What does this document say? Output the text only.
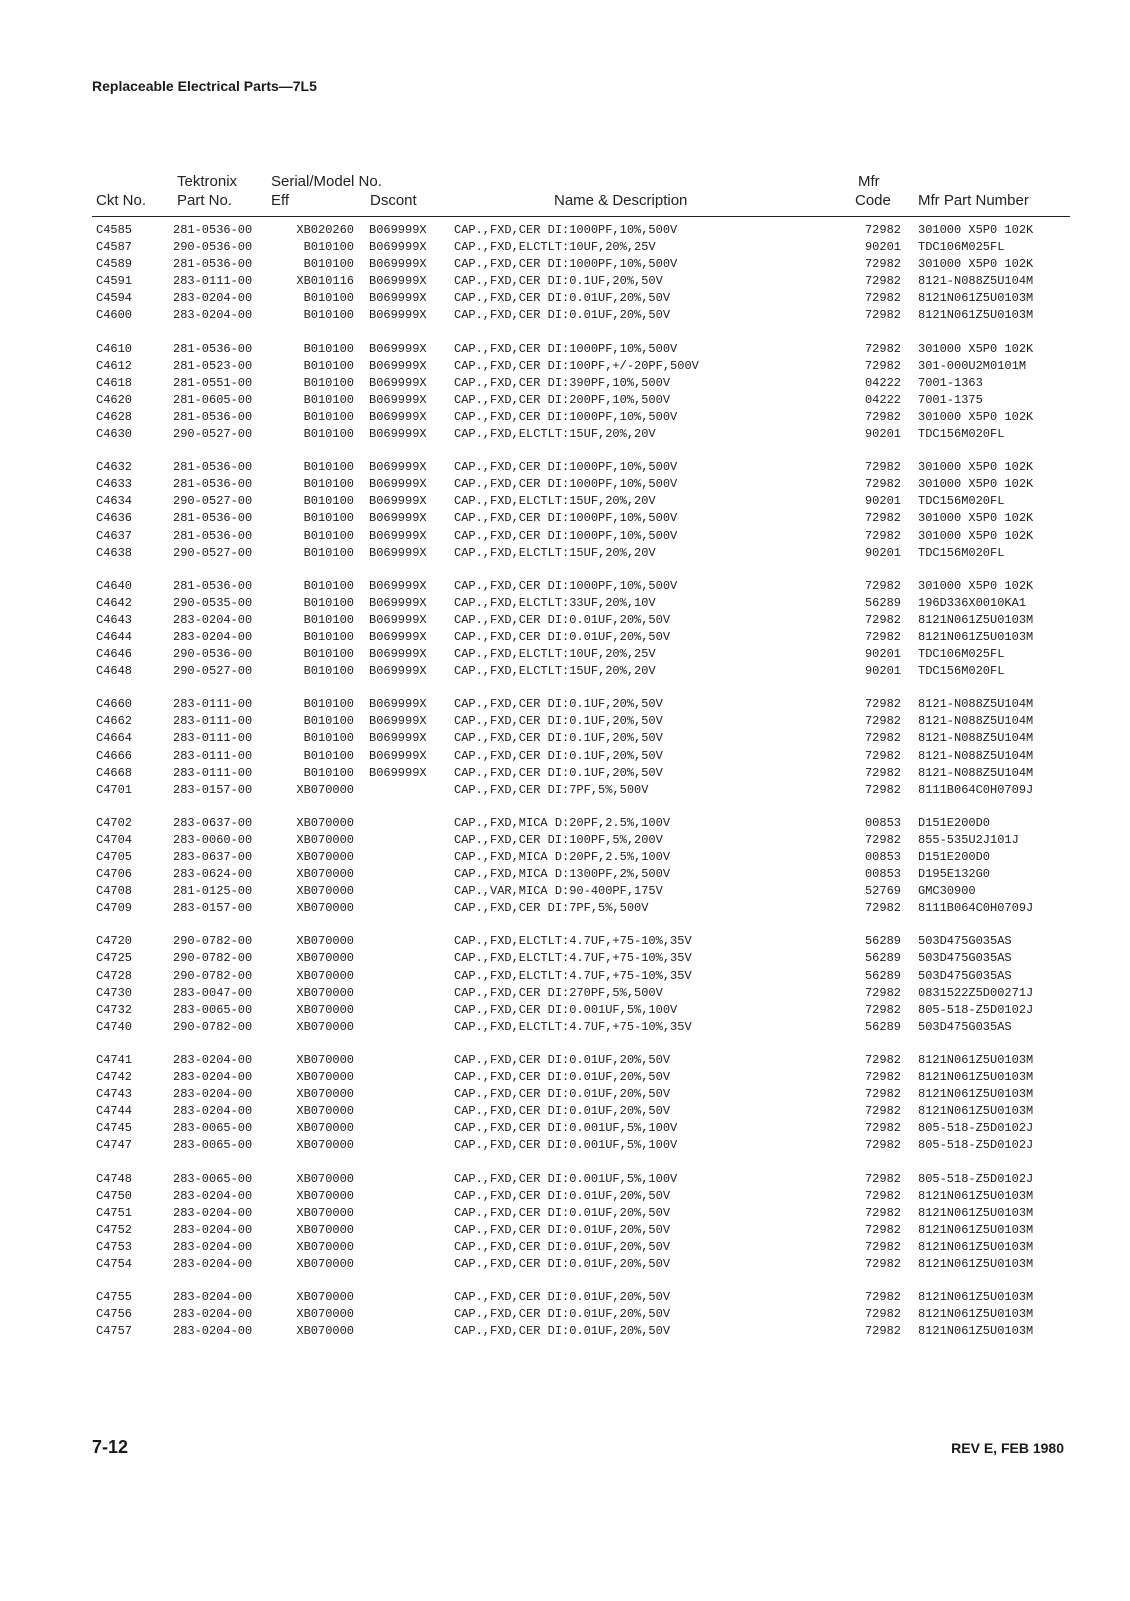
Replaceable Electrical Parts—7L5
Tektronix Serial/Model No.	Mfr
Ckt No. Part No.	Eff	Dscont	Name & Description	Code Mfr Part Number
C4585	281-0536-00	XB020260 B069999X CAP.,FXD,CER DI:1000PF,10%,500V	72982 301000 X5P0 102K
C4587	290-0536-00	B010100 B069999X CAP.,FXD,ELCTLT:10UF,20%,25V	90201 TDC106M025FL
C4589	281-0536-00	B010100 B069999X CAP.,FXD,CER DI:1000PF,10%,500V	72982 301000 X5P0 102K
C4591	283-0111-00	XB010116 B069999X CAP.,FXD,CER DI:0.1UF,20%,50V	72982 8121-N088Z5U104M
C4594	283-0204-00	B010100 B069999X CAP.,FXD,CER DI:0.01UF,20%,50V	72982 8121N061Z5U0103M
C4600	283-0204-00	B010100 B069999X CAP.,FXD,CER DI:0.01UF,20%,50V	72982 8121N061Z5U0103M
C4610	281-0536-00	B010100 B069999X CAP.,FXD,CER DI:1000PF,10%,500V	72982 301000 X5P0 102K
C4612	281-0523-00	B010100 B069999X CAP.,FXD,CER DI:100PF,+/-20PF,500V	72982 301-000U2M0101M
C4618	281-0551-00	B010100 B069999X CAP.,FXD,CER DI:390PF,10%,500V	04222 7001-1363
C4620	281-0605-00	B010100 B069999X CAP.,FXD,CER DI:200PF,10%,500V	04222 7001-1375
C4628	281-0536-00	B010100 B069999X CAP.,FXD,CER DI:1000PF,10%,500V	72982 301000 X5P0 102K
C4630	290-0527-00	B010100 B069999X CAP.,FXD,ELCTLT:15UF,20%,20V	90201 TDC156M020FL
C4632	281-0536-00	B010100 B069999X CAP.,FXD,CER DI:1000PF,10%,500V	72982 301000 X5P0 102K
C4633	281-0536-00	B010100 B069999X CAP.,FXD,CER DI:1000PF,10%,500V	72982 301000 X5P0 102K
C4634	290-0527-00	B010100 B069999X CAP.,FXD,ELCTLT:15UF,20%,20V	90201 TDC156M020FL
C4636	281-0536-00	B010100 B069999X CAP.,FXD,CER DI:1000PF,10%,500V	72982 301000 X5P0 102K
C4637	281-0536-00	B010100 B069999X CAP.,FXD,CER DI:1000PF,10%,500V	72982 301000 X5P0 102K
C4638	290-0527-00	B010100 B069999X CAP.,FXD,ELCTLT:15UF,20%,20V	90201 TDC156M020FL
C4640	281-0536-00	B010100 B069999X CAP.,FXD,CER DI:1000PF,10%,500V	72982 301000 X5P0 102K
C4642	290-0535-00	B010100 B069999X CAP.,FXD,ELCTLT:33UF,20%,10V	56289 196D336X0010KA1
C4643	283-0204-00	B010100 B069999X CAP.,FXD,CER DI:0.01UF,20%,50V	72982 8121N061Z5U0103M
C4644	283-0204-00	B010100 B069999X CAP.,FXD,CER DI:0.01UF,20%,50V	72982 8121N061Z5U0103M
C4646	290-0536-00	B010100 B069999X CAP.,FXD,ELCTLT:10UF,20%,25V	90201 TDC106M025FL
C4648	290-0527-00	B010100 B069999X CAP.,FXD,ELCTLT:15UF,20%,20V	90201 TDC156M020FL
C4660	283-0111-00	B010100 B069999X CAP.,FXD,CER DI:0.1UF,20%,50V	72982 8121-N088Z5U104M
C4662	283-0111-00	B010100 B069999X CAP.,FXD,CER DI:0.1UF,20%,50V	72982 8121-N088Z5U104M
C4664	283-0111-00	B010100 B069999X CAP.,FXD,CER DI:0.1UF,20%,50V	72982 8121-N088Z5U104M
C4666	283-0111-00	B010100 B069999X CAP.,FXD,CER DI:0.1UF,20%,50V	72982 8121-N088Z5U104M
C4668	283-0111-00	B010100 B069999X CAP.,FXD,CER DI:0.1UF,20%,50V	72982 8121-N088Z5U104M
C4701	283-0157-00	XB070000	CAP.,FXD,CER DI:7PF,5%,500V	72982 8111B064C0H0709J
C4702	283-0637-00	XB070000	CAP.,FXD,MICA D:20PF,2.5%,100V	00853 D151E200D0
C4704	283-0060-00	XB070000	CAP.,FXD,CER DI:100PF,5%,200V	72982 855-535U2J101J
C4705	283-0637-00	XB070000	CAP.,FXD,MICA D:20PF,2.5%,100V	00853 D151E200D0
C4706	283-0624-00	XB070000	CAP.,FXD,MICA D:1300PF,2%,500V	00853 D195E132G0
C4708	281-0125-00	XB070000	CAP.,VAR,MICA D:90-400PF,175V	52769 GMC30900
C4709	283-0157-00	XB070000	CAP.,FXD,CER DI:7PF,5%,500V	72982 8111B064C0H0709J
C4720	290-0782-00	XB070000	CAP.,FXD,ELCTLT:4.7UF,+75-10%,35V	56289 503D475G035AS
C4725	290-0782-00	XB070000	CAP.,FXD,ELCTLT:4.7UF,+75-10%,35V	56289 503D475G035AS
C4728	290-0782-00	XB070000	CAP.,FXD,ELCTLT:4.7UF,+75-10%,35V	56289 503D475G035AS
C4730	283-0047-00	XB070000	CAP.,FXD,CER DI:270PF,5%,500V	72982 0831522Z5D00271J
C4732	283-0065-00	XB070000	CAP.,FXD,CER DI:0.001UF,5%,100V	72982 805-518-Z5D0102J
C4740	290-0782-00	XB070000	CAP.,FXD,ELCTLT:4.7UF,+75-10%,35V	56289 503D475G035AS
C4741	283-0204-00	XB070000	CAP.,FXD,CER DI:0.01UF,20%,50V	72982 8121N061Z5U0103M
C4742	283-0204-00	XB070000	CAP.,FXD,CER DI:0.01UF,20%,50V	72982 8121N061Z5U0103M
C4743	283-0204-00	XB070000	CAP.,FXD,CER DI:0.01UF,20%,50V	72982 8121N061Z5U0103M
C4744	283-0204-00	XB070000	CAP.,FXD,CER DI:0.01UF,20%,50V	72982 8121N061Z5U0103M
C4745	283-0065-00	XB070000	CAP.,FXD,CER DI:0.001UF,5%,100V	72982 805-518-Z5D0102J
C4747	283-0065-00	XB070000	CAP.,FXD,CER DI:0.001UF,5%,100V	72982 805-518-Z5D0102J
C4748	283-0065-00	XB070000	CAP.,FXD,CER DI:0.001UF,5%,100V	72982 805-518-Z5D0102J
C4750	283-0204-00	XB070000	CAP.,FXD,CER DI:0.01UF,20%,50V	72982 8121N061Z5U0103M
C4751	283-0204-00	XB070000	CAP.,FXD,CER DI:0.01UF,20%,50V	72982 8121N061Z5U0103M
C4752	283-0204-00	XB070000	CAP.,FXD,CER DI:0.01UF,20%,50V	72982 8121N061Z5U0103M
C4753	283-0204-00	XB070000	CAP.,FXD,CER DI:0.01UF,20%,50V	72982 8121N061Z5U0103M
C4754	283-0204-00	XB070000	CAP.,FXD,CER DI:0.01UF,20%,50V	72982 8121N061Z5U0103M
C4755	283-0204-00	XB070000	CAP.,FXD,CER DI:0.01UF,20%,50V	72982 8121N061Z5U0103M
C4756	283-0204-00	XB070000	CAP.,FXD,CER DI:0.01UF,20%,50V	72982 8121N061Z5U0103M
C4757	283-0204-00	XB070000	CAP.,FXD,CER DI:0.01UF,20%,50V	72982 8121N061Z5U0103M
7-12	REV E, FEB 1980
